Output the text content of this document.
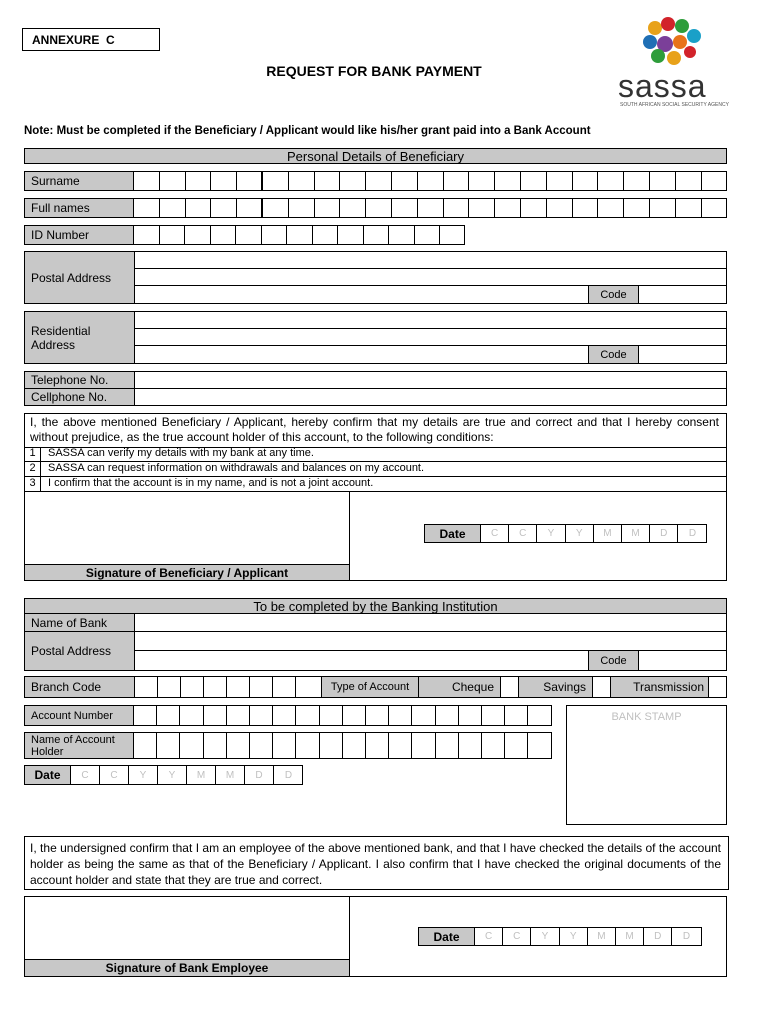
ANNEXURE  C
REQUEST FOR BANK PAYMENT	sassa
SOUTH AFRICAN SOCIAL SECURITY AGENCY
Note: Must be completed if the Beneficiary / Applicant would like his/her grant paid into a Bank Account
Personal Details of Beneficiary
Surname
Full names
ID Number
Postal Address
Code
Residential
Address
Code
Telephone No.
Cellphone No.
I, the above mentioned Beneficiary / Applicant, hereby confirm that my details are true and correct and that I hereby consent without prejudice, as the true account holder of this account, to the following conditions:
1	SASSA can verify my details with my bank at any time.
2	SASSA can request information on withdrawals and balances on my account.
3	I confirm that the account is in my name, and is not a joint account.
Signature of Beneficiary / Applicant
Date	C	C	Y	Y	M	M	D	D
To be completed by the Banking Institution
Name of Bank
Postal Address
Code
Branch Code	Type of Account	Cheque	Savings	Transmission
Account Number
Name of Account
Holder
Date	C	C	Y	Y	M	M	D	D
BANK STAMP
I, the undersigned confirm that I am an employee of the above mentioned bank, and that I have checked the details of the account holder as being the same as that of the Beneficiary / Applicant. I also confirm that I have checked the original documents of the account holder and state that they are true and correct.
Signature of Bank Employee
Date	C	C	Y	Y	M	M	D	D
